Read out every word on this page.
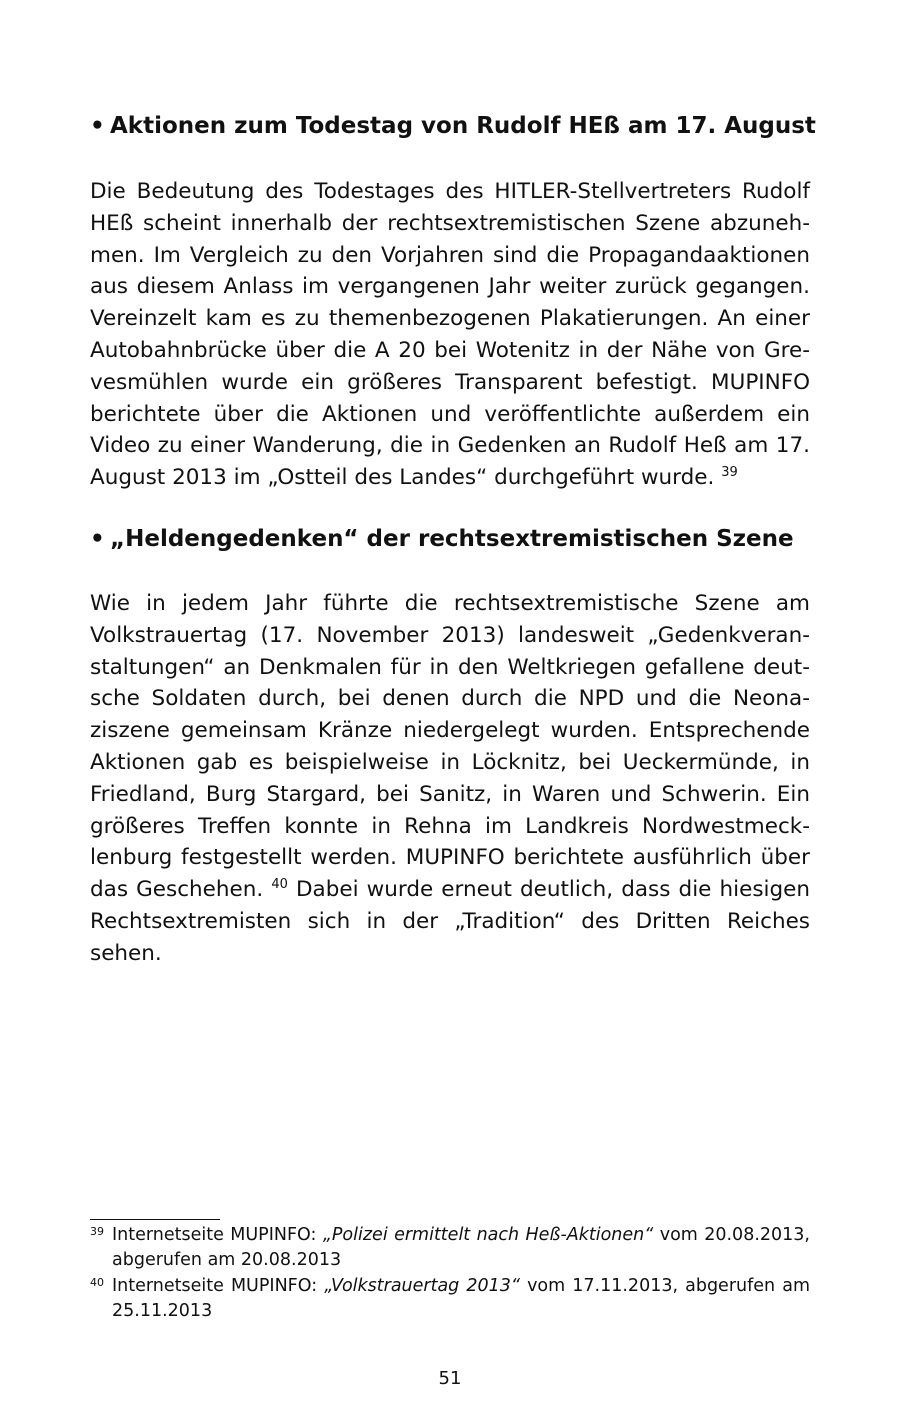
• Aktionen zum Todestag von Rudolf HEß am 17. August
Die Bedeutung des Todestages des HITLER-Stellvertreters Rudolf HEß scheint innerhalb der rechtsextremistischen Szene abzunehmen. Im Vergleich zu den Vorjahren sind die Propagandaaktionen aus diesem Anlass im vergangenen Jahr weiter zurück gegangen. Vereinzelt kam es zu themenbezogenen Plakatierungen. An einer Autobahnbrücke über die A 20 bei Wotenitz in der Nähe von Grevesmühlen wurde ein größeres Transparent befestigt. MUPINFO berichtete über die Aktionen und veröffentlichte außerdem ein Video zu einer Wanderung, die in Gedenken an Rudolf Heß am 17. August 2013 im „Ostteil des Landes“ durchgeführt wurde. $^{39}$
• „Heldengedenken“ der rechtsextremistischen Szene
Wie in jedem Jahr führte die rechtsextremistische Szene am Volkstrauertag (17. November 2013) landesweit „Gedenkveranstaltungen“ an Denkmalen für in den Weltkriegen gefallene deutsche Soldaten durch, bei denen durch die NPD und die Neonaziszene gemeinsam Kränze niedergelegt wurden. Entsprechende Aktionen gab es beispielweise in Löcknitz, bei Ueckermünde, in Friedland, Burg Stargard, bei Sanitz, in Waren und Schwerin. Ein größeres Treffen konnte in Rehna im Landkreis Nordwestmecklenburg festgestellt werden. MUPINFO berichtete ausführlich über das Geschehen. $^{40}$ Dabei wurde erneut deutlich, dass die hiesigen Rechtsextremisten sich in der „Tradition“ des Dritten Reiches sehen.
39 Internetseite MUPINFO: „Polizei ermittelt nach Heß-Aktionen“ vom 20.08.2013, abgerufen am 20.08.2013
40 Internetseite MUPINFO: „Volkstrauertag 2013“ vom 17.11.2013, abgerufen am 25.11.2013
51
